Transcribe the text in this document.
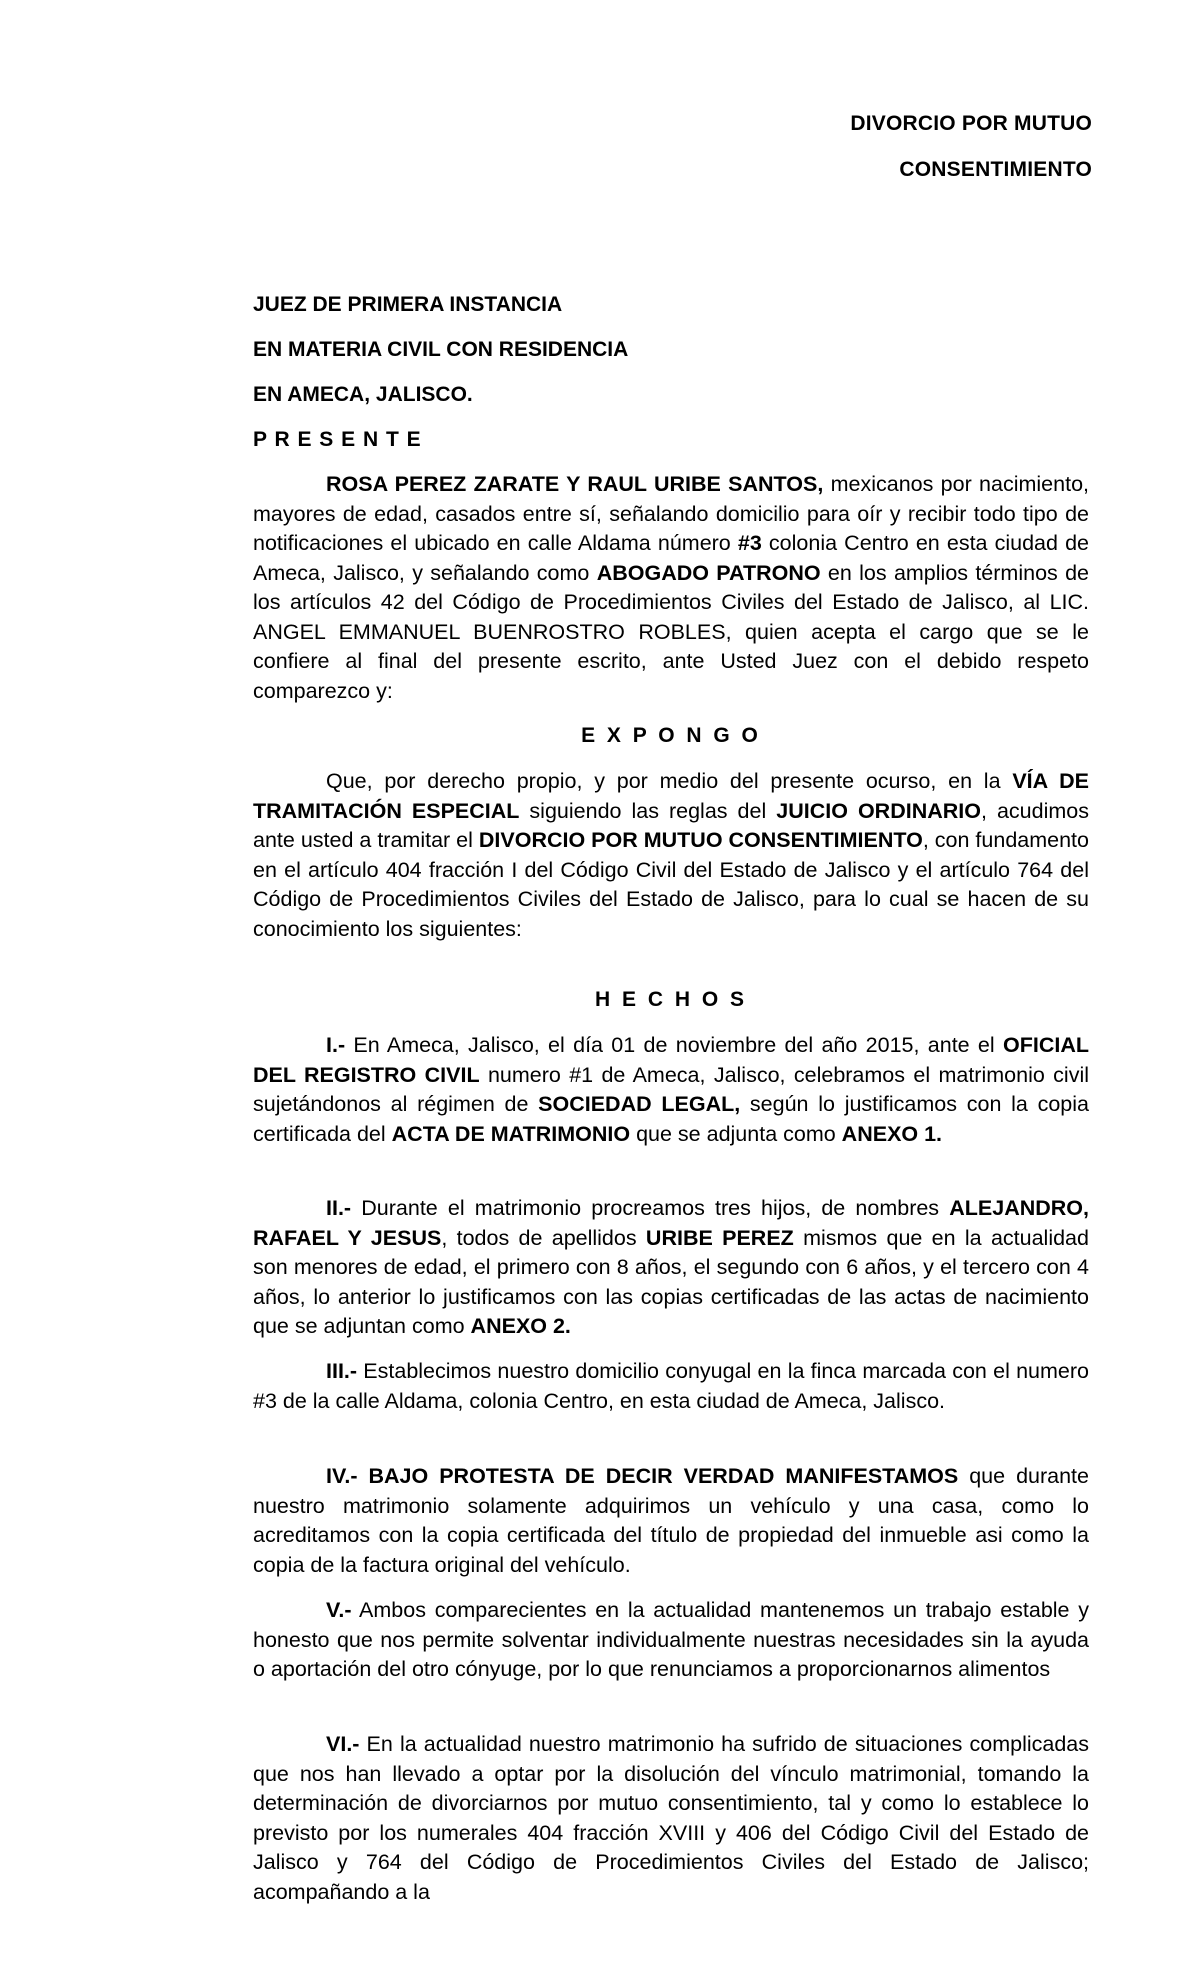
DIVORCIO POR MUTUO
CONSENTIMIENTO
JUEZ DE PRIMERA INSTANCIA
EN MATERIA CIVIL CON RESIDENCIA
EN AMECA, JALISCO.
P R E S E N T E
ROSA PEREZ ZARATE Y RAUL URIBE SANTOS, mexicanos por nacimiento, mayores de edad, casados entre sí, señalando domicilio para oír y recibir todo tipo de notificaciones el ubicado en calle Aldama número #3 colonia Centro en esta ciudad de Ameca, Jalisco, y señalando como ABOGADO PATRONO en los amplios términos de los artículos 42 del Código de Procedimientos Civiles del Estado de Jalisco, al LIC. ANGEL EMMANUEL BUENROSTRO ROBLES, quien acepta el cargo que se le confiere al final del presente escrito, ante Usted Juez con el debido respeto comparezco y:
E X P O N G O
Que, por derecho propio, y por medio del presente ocurso, en la VÍA DE TRAMITACIÓN ESPECIAL siguiendo las reglas del JUICIO ORDINARIO, acudimos ante usted a tramitar el DIVORCIO POR MUTUO CONSENTIMIENTO, con fundamento en el artículo 404 fracción I del Código Civil del Estado de Jalisco y el artículo 764 del Código de Procedimientos Civiles del Estado de Jalisco, para lo cual se hacen de su conocimiento los siguientes:
H E C H O S
I.- En Ameca, Jalisco, el día 01 de noviembre del año 2015, ante el OFICIAL DEL REGISTRO CIVIL numero #1 de Ameca, Jalisco, celebramos el matrimonio civil sujetándonos al régimen de SOCIEDAD LEGAL, según lo justificamos con la copia certificada del ACTA DE MATRIMONIO que se adjunta como ANEXO 1.
II.- Durante el matrimonio procreamos tres hijos, de nombres ALEJANDRO, RAFAEL Y JESUS, todos de apellidos URIBE PEREZ mismos que en la actualidad son menores de edad, el primero con 8 años, el segundo con 6 años, y el tercero con 4 años, lo anterior lo justificamos con las copias certificadas de las actas de nacimiento que se adjuntan como ANEXO 2.
III.- Establecimos nuestro domicilio conyugal en la finca marcada con el numero #3 de la calle Aldama, colonia Centro, en esta ciudad de Ameca, Jalisco.
IV.- BAJO PROTESTA DE DECIR VERDAD MANIFESTAMOS que durante nuestro matrimonio solamente adquirimos un vehículo y una casa, como lo acreditamos con la copia certificada del título de propiedad del inmueble asi como la copia de la factura original del vehículo.
V.- Ambos comparecientes en la actualidad mantenemos un trabajo estable y honesto que nos permite solventar individualmente nuestras necesidades sin la ayuda o aportación del otro cónyuge, por lo que renunciamos a proporcionarnos alimentos
VI.- En la actualidad nuestro matrimonio ha sufrido de situaciones complicadas que nos han llevado a optar por la disolución del vínculo matrimonial, tomando la determinación de divorciarnos por mutuo consentimiento, tal y como lo establece lo previsto por los numerales 404 fracción XVIII y 406 del Código Civil del Estado de Jalisco y 764 del Código de Procedimientos Civiles del Estado de Jalisco; acompañando a la
